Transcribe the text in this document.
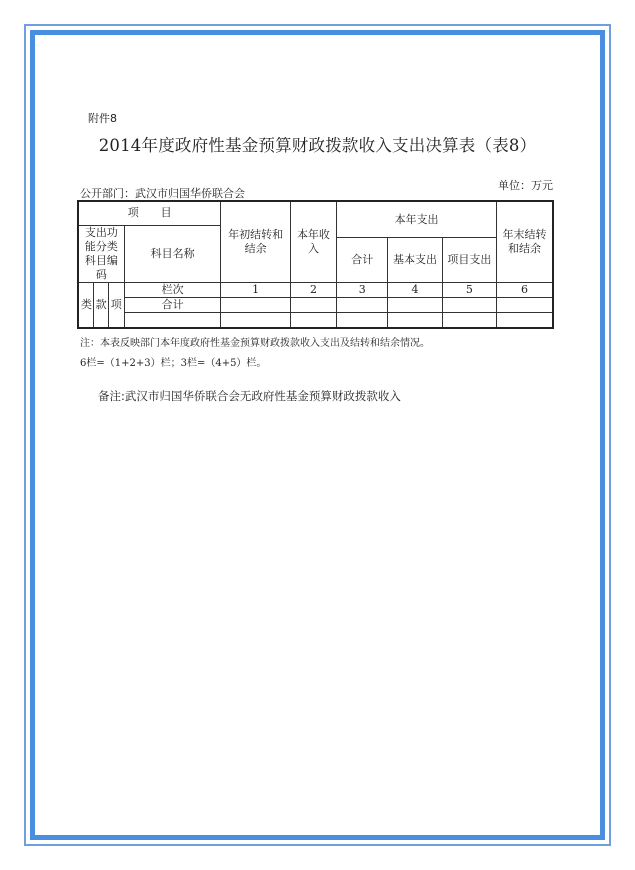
附件8
2014年度政府性基金预算财政拨款收入支出决算表（表8）
公开部门：武汉市归国华侨联合会
单位：万元
项　　目				年初结转和结余	本年收入	本年支出			年末结转和结余
支出功能分类科目编码			科目名称						
						合计	基本支出	项目支出	
类	款	项	栏次	1	2	3	4	5	6
			合计						

注：本表反映部门本年度政府性基金预算财政拨款收入支出及结转和结余情况。
6栏=（1+2+3）栏；3栏=（4+5）栏。
备注:武汉市归国华侨联合会无政府性基金预算财政拨款收入
